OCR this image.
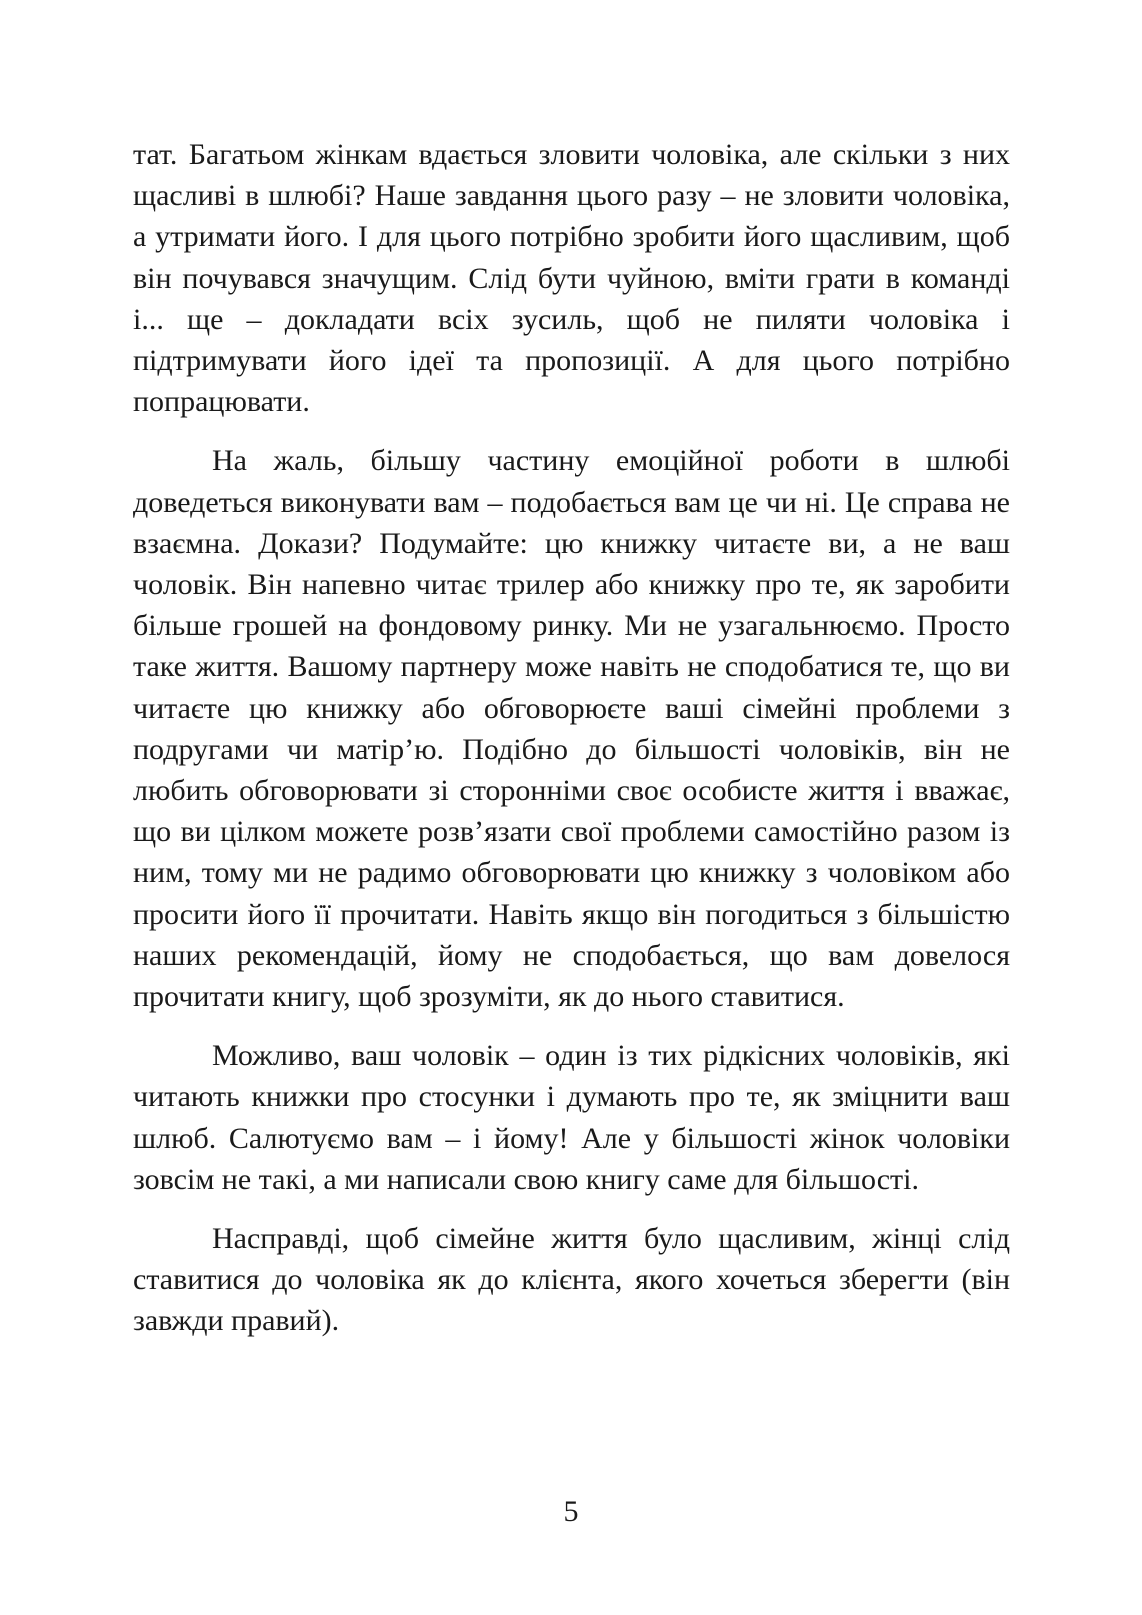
тат. Багатьом жінкам вдається зловити чоловіка, але скільки з них щасливі в шлюбі? Наше завдання цього разу – не зловити чоловіка, а утримати його. І для цього потрібно зробити його щасливим, щоб він почувався значущим. Слід бути чуйною, вміти грати в команді і... ще – докладати всіх зусиль, щоб не пиляти чоловіка і підтримувати його ідеї та пропозиції. А для цього потрібно попрацювати.

На жаль, більшу частину емоційної роботи в шлюбі доведеться виконувати вам – подобається вам це чи ні. Це справа не взаємна. Докази? Подумайте: цю книжку читаєте ви, а не ваш чоловік. Він напевно читає трилер або книжку про те, як заробити більше грошей на фондовому ринку. Ми не узагальнюємо. Просто таке життя. Вашому партнеру може навіть не сподобатися те, що ви читаєте цю книжку або обговорюєте ваші сімейні проблеми з подругами чи матір’ю. Подібно до більшості чоловіків, він не любить обговорювати зі сторонніми своє особисте життя і вважає, що ви цілком можете розв’язати свої проблеми самостійно разом із ним, тому ми не радимо обговорювати цю книжку з чоловіком або просити його її прочитати. Навіть якщо він погодиться з більшістю наших рекомендацій, йому не сподобається, що вам довелося прочитати книгу, щоб зрозуміти, як до нього ставитися.

Можливо, ваш чоловік – один із тих рідкісних чоловіків, які читають книжки про стосунки і думають про те, як зміцнити ваш шлюб. Салютуємо вам – і йому! Але у більшості жінок чоловіки зовсім не такі, а ми написали свою книгу саме для більшості.

Насправді, щоб сімейне життя було щасливим, жінці слід ставитися до чоловіка як до клієнта, якого хочеться зберегти (він завжди правий).

5
